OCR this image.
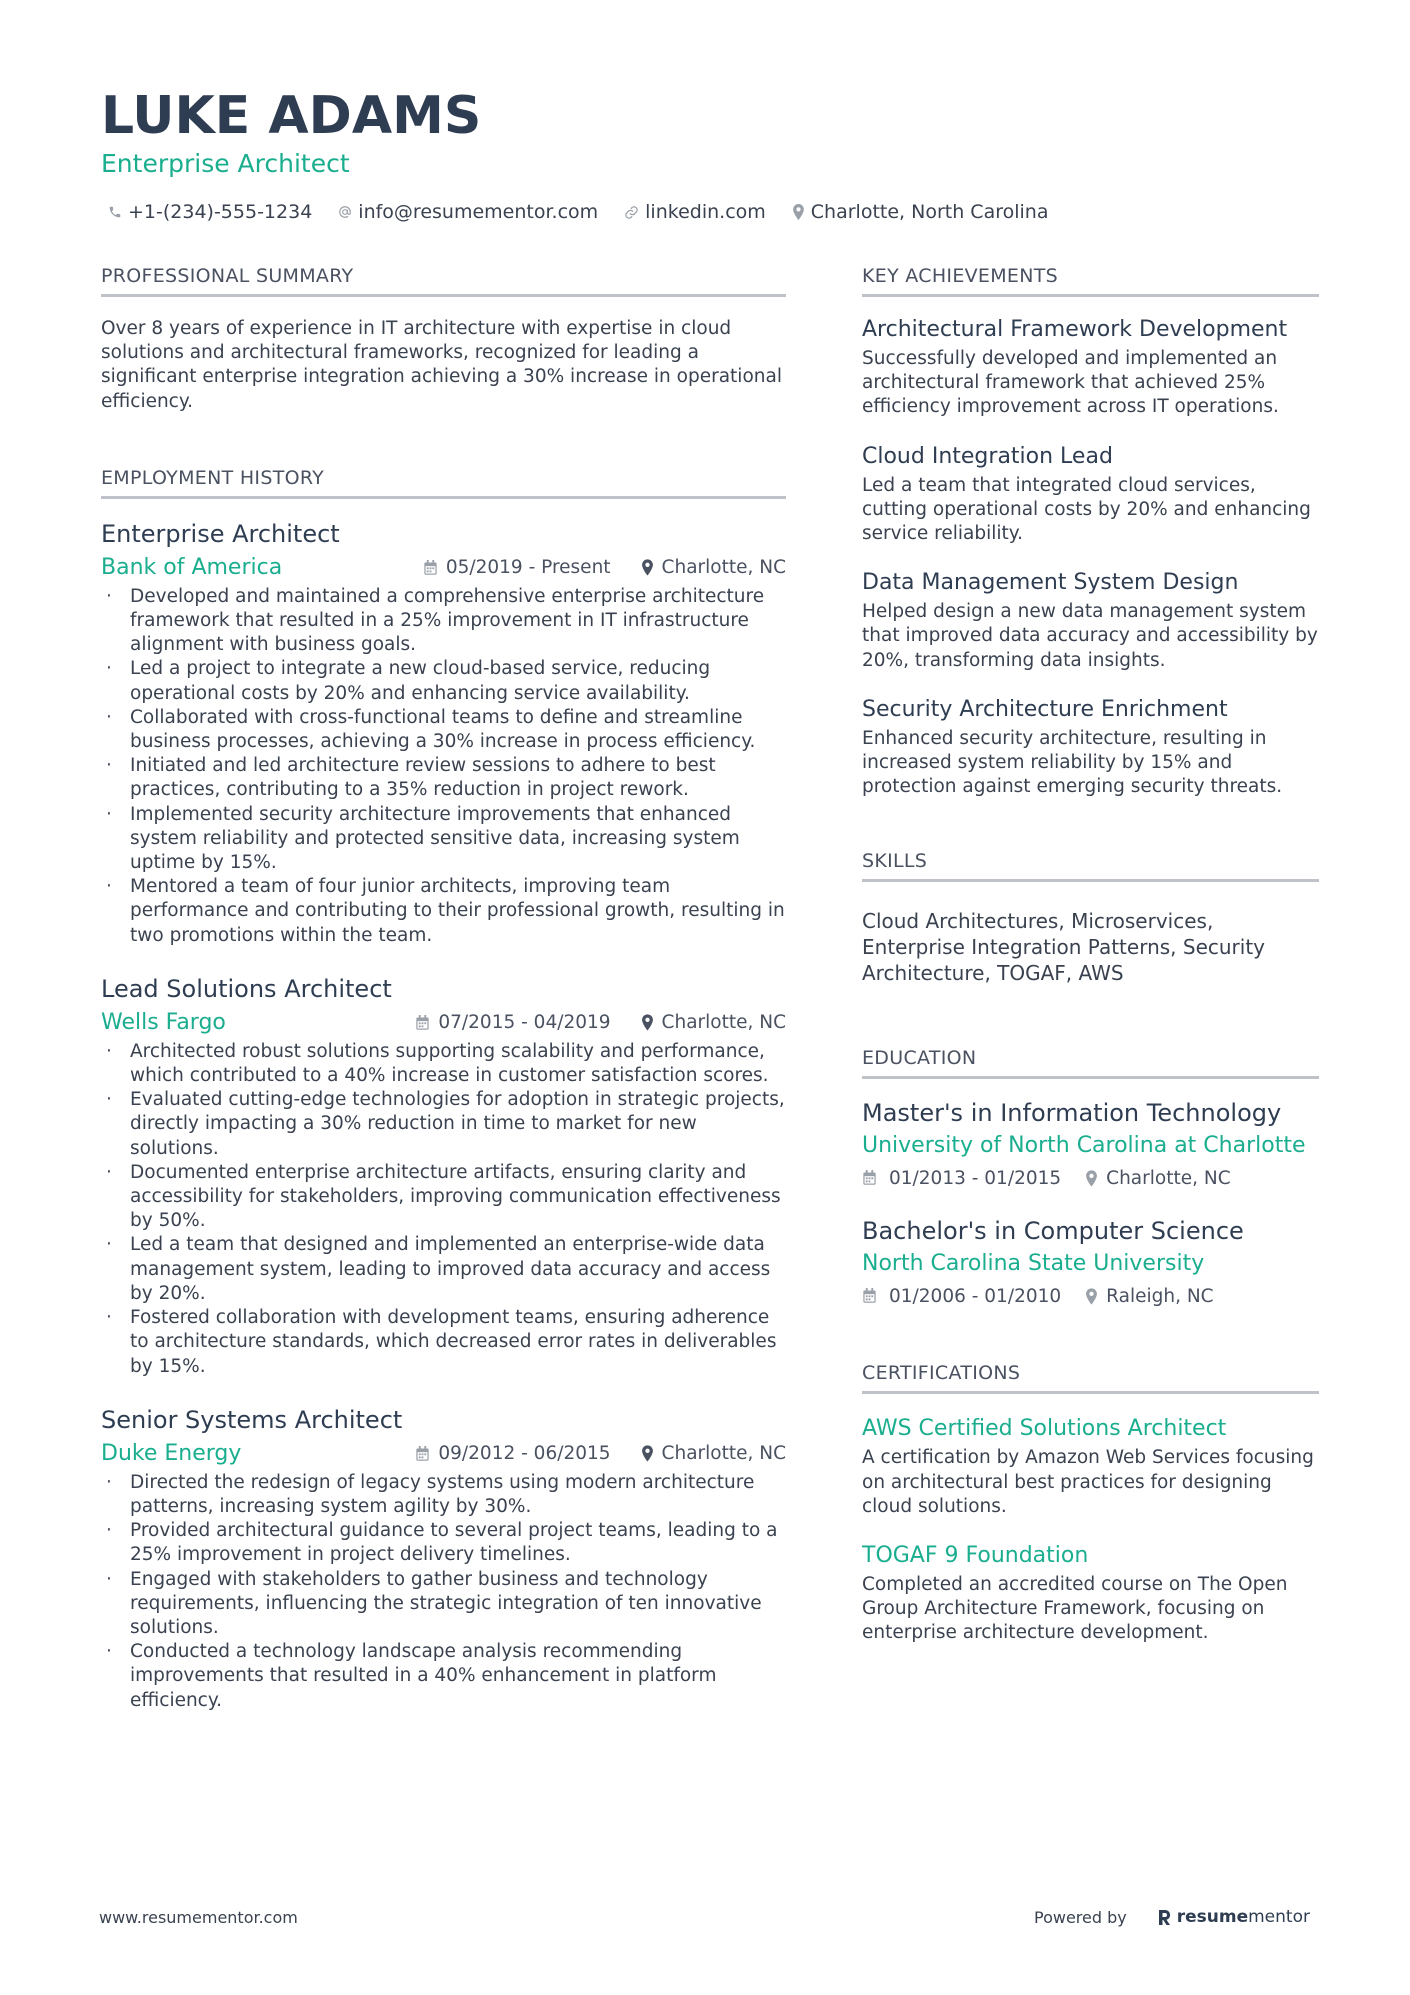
LUKE ADAMS
Enterprise Architect
+1-(234)-555-1234 info@resumementor.com linkedin.com Charlotte, North Carolina
PROFESSIONAL SUMMARY

Over 8 years of experience in IT architecture with expertise in cloud solutions and architectural frameworks, recognized for leading a significant enterprise integration achieving a 30% increase in operational efficiency.

EMPLOYMENT HISTORY
Enterprise Architect
Bank of America	05/2019 - Present	Charlotte, NC
· Developed and maintained a comprehensive enterprise architecture framework that resulted in a 25% improvement in IT infrastructure alignment with business goals.
· Led a project to integrate a new cloud-based service, reducing operational costs by 20% and enhancing service availability.
· Collaborated with cross-functional teams to define and streamline business processes, achieving a 30% increase in process efficiency.
· Initiated and led architecture review sessions to adhere to best practices, contributing to a 35% reduction in project rework.
· Implemented security architecture improvements that enhanced system reliability and protected sensitive data, increasing system uptime by 15%.
· Mentored a team of four junior architects, improving team performance and contributing to their professional growth, resulting in two promotions within the team.
Lead Solutions Architect
Wells Fargo	07/2015 - 04/2019	Charlotte, NC
· Architected robust solutions supporting scalability and performance, which contributed to a 40% increase in customer satisfaction scores.
· Evaluated cutting-edge technologies for adoption in strategic projects, directly impacting a 30% reduction in time to market for new solutions.
· Documented enterprise architecture artifacts, ensuring clarity and accessibility for stakeholders, improving communication effectiveness by 50%.
· Led a team that designed and implemented an enterprise-wide data management system, leading to improved data accuracy and access by 20%.
· Fostered collaboration with development teams, ensuring adherence to architecture standards, which decreased error rates in deliverables by 15%.
Senior Systems Architect
Duke Energy	09/2012 - 06/2015	Charlotte, NC
· Directed the redesign of legacy systems using modern architecture patterns, increasing system agility by 30%.
· Provided architectural guidance to several project teams, leading to a 25% improvement in project delivery timelines.
· Engaged with stakeholders to gather business and technology requirements, influencing the strategic integration of ten innovative solutions.
· Conducted a technology landscape analysis recommending improvements that resulted in a 40% enhancement in platform efficiency.
KEY ACHIEVEMENTS
Architectural Framework Development

Successfully developed and implemented an architectural framework that achieved 25% efficiency improvement across IT operations.

Cloud Integration Lead

Led a team that integrated cloud services, cutting operational costs by 20% and enhancing service reliability.

Data Management System Design

Helped design a new data management system that improved data accuracy and accessibility by 20%, transforming data insights.

Security Architecture Enrichment

Enhanced security architecture, resulting in increased system reliability by 15% and protection against emerging security threats.

SKILLS
Cloud Architectures, Microservices, Enterprise Integration Patterns, Security Architecture, TOGAF, AWS
EDUCATION
Master's in Information Technology
University of North Carolina at Charlotte
01/2013 - 01/2015 Charlotte, NC
Bachelor's in Computer Science
North Carolina State University
01/2006 - 01/2010 Raleigh, NC
CERTIFICATIONS
AWS Certified Solutions Architect

A certification by Amazon Web Services focusing on architectural best practices for designing cloud solutions.

TOGAF 9 Foundation

Completed an accredited course on The Open Group Architecture Framework, focusing on enterprise architecture development.

www.resumementor.com	Powered by	resume mentor
